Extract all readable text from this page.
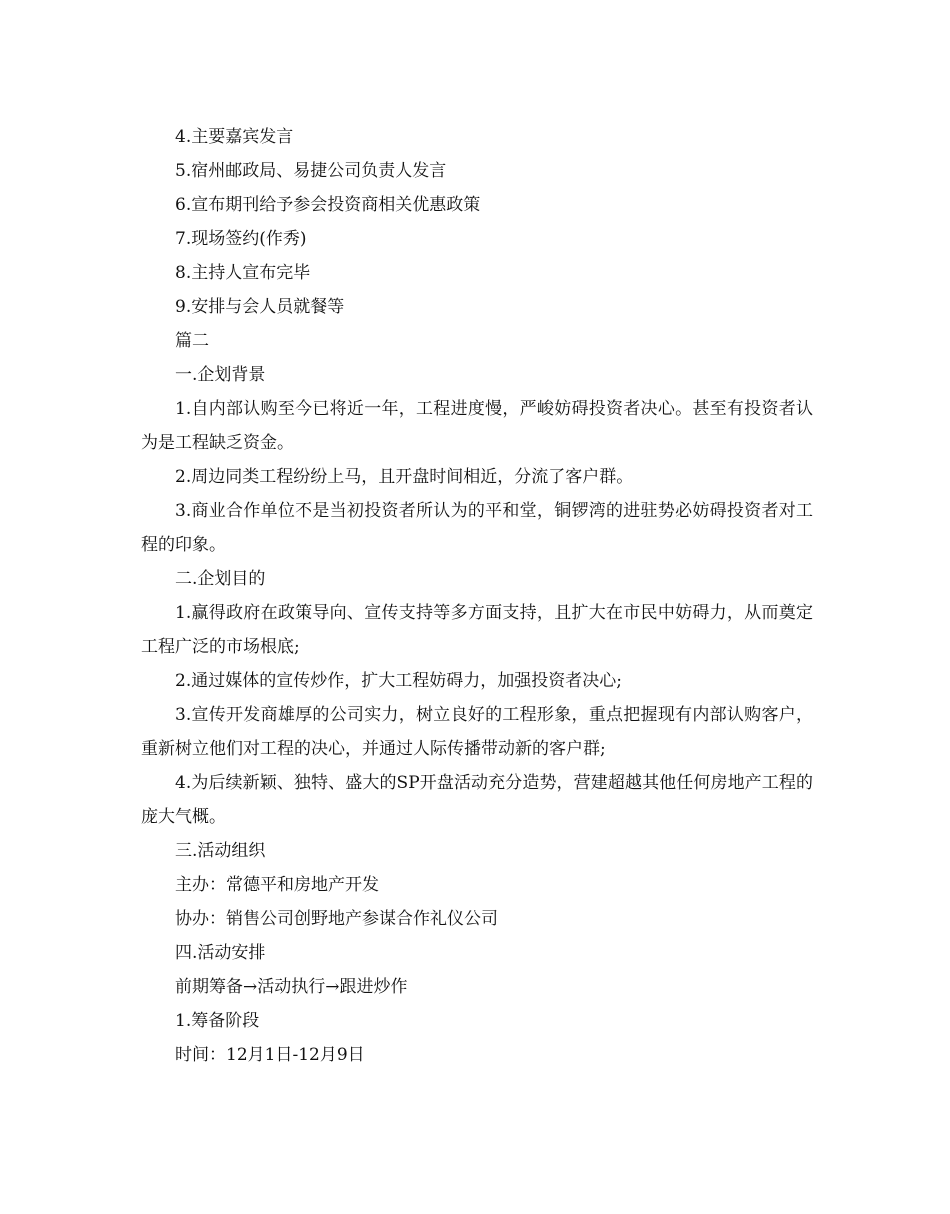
4.主要嘉宾发言

5.宿州邮政局、易捷公司负责人发言

6.宣布期刊给予参会投资商相关优惠政策

7.现场签约(作秀)

8.主持人宣布完毕

9.安排与会人员就餐等

篇二

一.企划背景

1.自内部认购至今已将近一年，工程进度慢，严峻妨碍投资者决心。甚至有投资者认为是工程缺乏资金。

2.周边同类工程纷纷上马，且开盘时间相近，分流了客户群。

3.商业合作单位不是当初投资者所认为的平和堂，铜锣湾的进驻势必妨碍投资者对工程的印象。

二.企划目的

1.赢得政府在政策导向、宣传支持等多方面支持，且扩大在市民中妨碍力，从而奠定工程广泛的市场根底;

2.通过媒体的宣传炒作，扩大工程妨碍力，加强投资者决心;

3.宣传开发商雄厚的公司实力，树立良好的工程形象，重点把握现有内部认购客户，重新树立他们对工程的决心，并通过人际传播带动新的客户群;

4.为后续新颖、独特、盛大的SP开盘活动充分造势，营建超越其他任何房地产工程的庞大气概。

三.活动组织

主办：常德平和房地产开发

协办：销售公司创野地产参谋合作礼仪公司

四.活动安排

前期筹备→活动执行→跟进炒作

1.筹备阶段

时间：12月1日-12月9日
